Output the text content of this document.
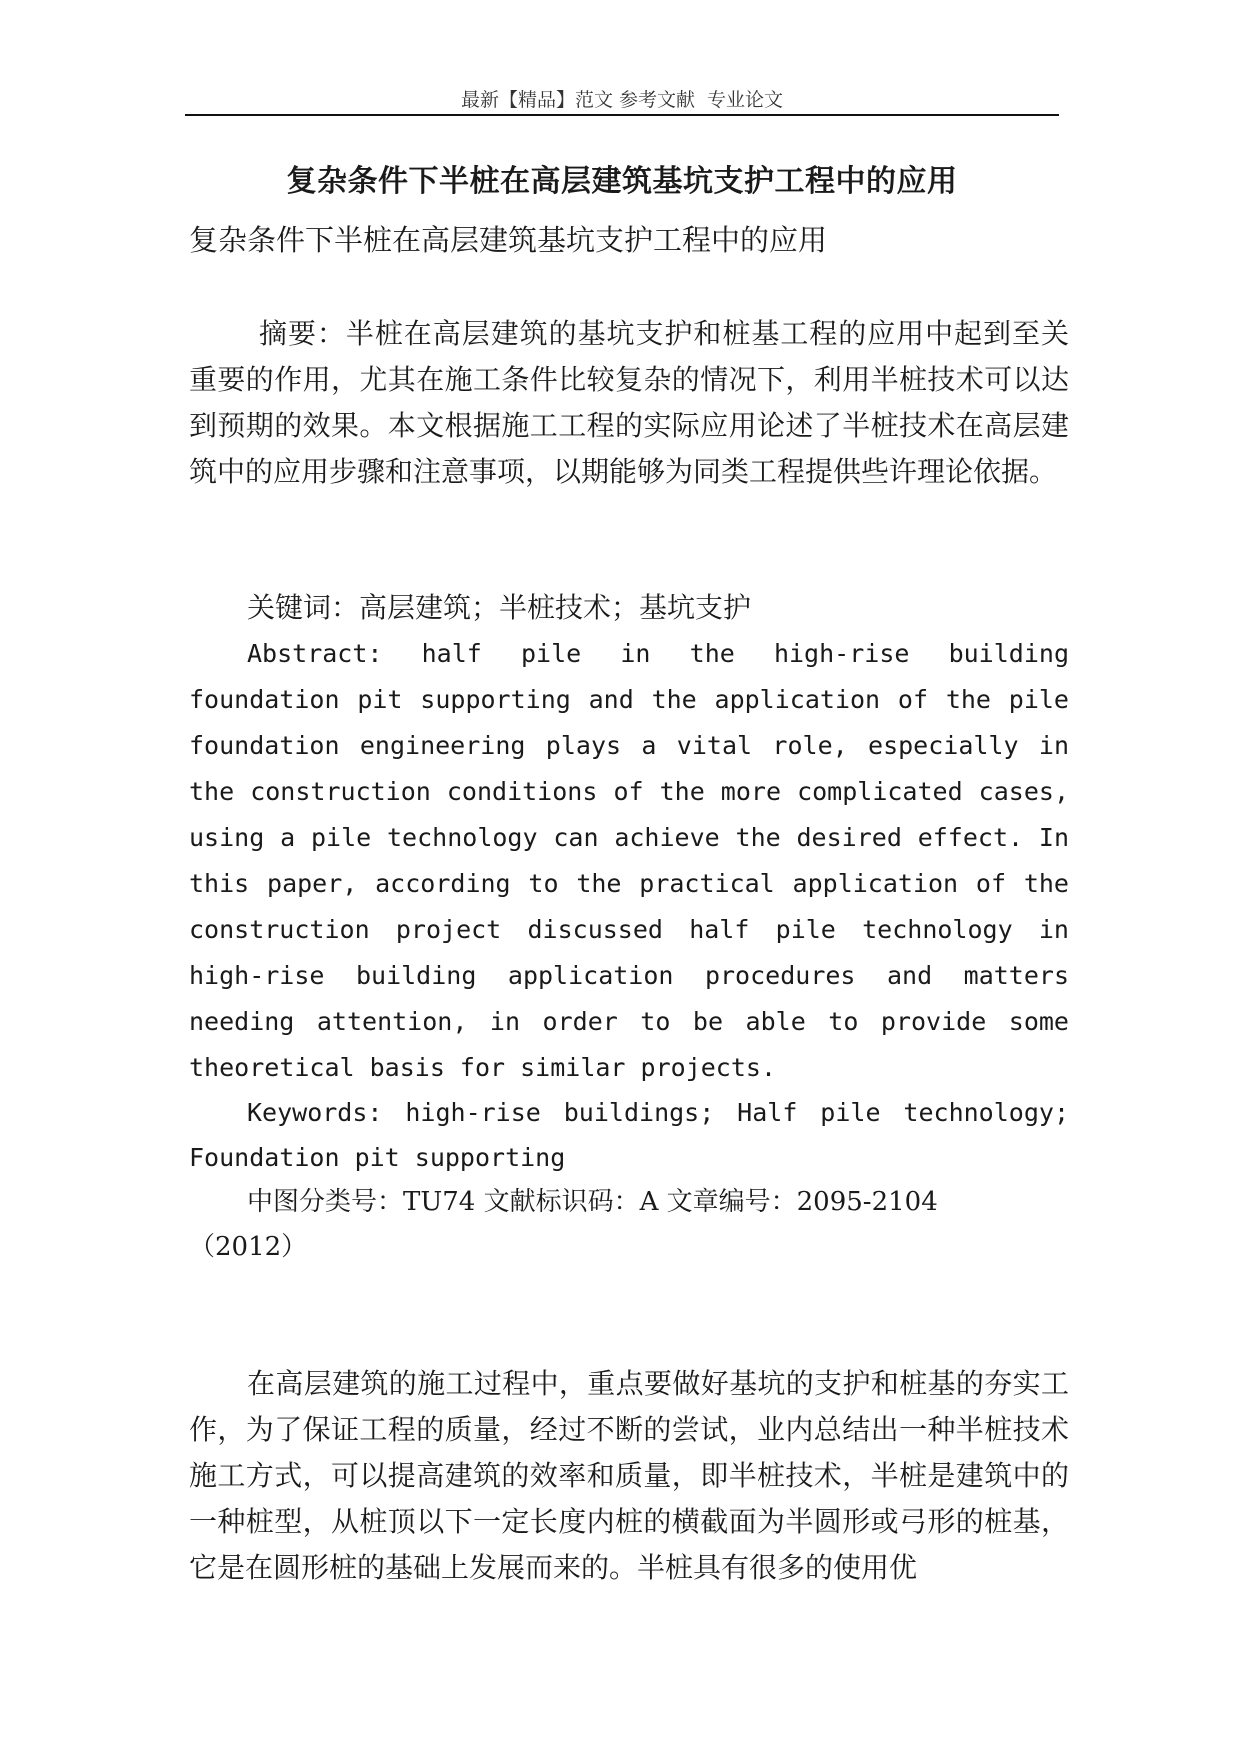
最新【精品】范文 参考文献  专业论文
复杂条件下半桩在高层建筑基坑支护工程中的应用
复杂条件下半桩在高层建筑基坑支护工程中的应用

摘要：半桩在高层建筑的基坑支护和桩基工程的应用中起到至关重要的作用，尤其在施工条件比较复杂的情况下，利用半桩技术可以达到预期的效果。本文根据施工工程的实际应用论述了半桩技术在高层建筑中的应用步骤和注意事项，以期能够为同类工程提供些许理论依据。

关键词：高层建筑；半桩技术；基坑支护

Abstract: half pile in the high-rise building foundation pit supporting and the application of the pile foundation engineering plays a vital role, especially in the construction conditions of the more complicated cases, using a pile technology can achieve the desired effect. In this paper, according to the practical application of the construction project discussed half pile technology in high-rise building application procedures and matters needing attention, in order to be able to provide some theoretical basis for similar projects.

Keywords: high-rise buildings; Half pile technology; Foundation pit supporting

中图分类号：TU74 文献标识码：A 文章编号：2095-2104
（2012）

在高层建筑的施工过程中，重点要做好基坑的支护和桩基的夯实工作，为了保证工程的质量，经过不断的尝试，业内总结出一种半桩技术施工方式，可以提高建筑的效率和质量，即半桩技术，半桩是建筑中的一种桩型，从桩顶以下一定长度内桩的横截面为半圆形或弓形的桩基，它是在圆形桩的基础上发展而来的。半桩具有很多的使用优
